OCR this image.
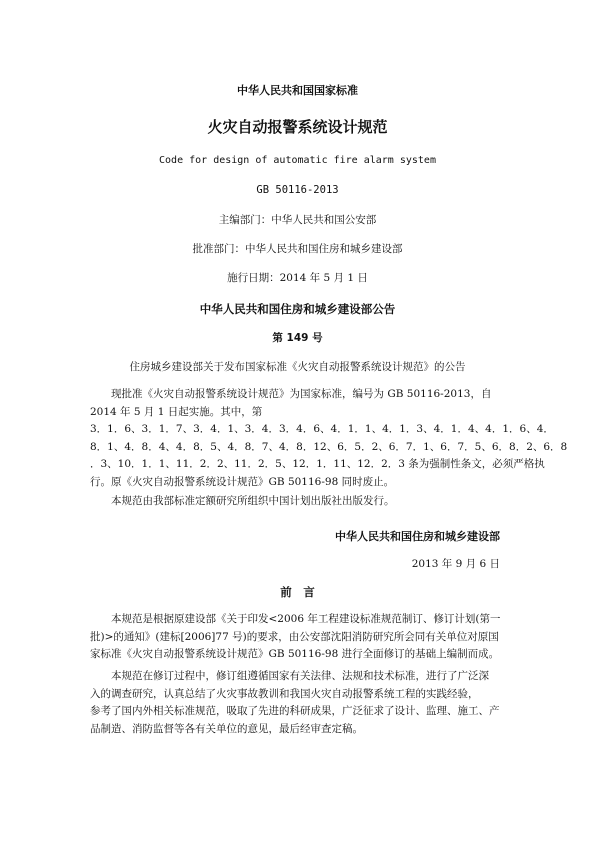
中华人民共和国国家标准
火灾自动报警系统设计规范
Code for design of automatic fire alarm system
GB 50116-2013
主编部门：中华人民共和国公安部
批准部门：中华人民共和国住房和城乡建设部
施行日期：2014 年 5 月 1 日
中华人民共和国住房和城乡建设部公告
第 149 号
住房城乡建设部关于发布国家标准《火灾自动报警系统设计规范》的公告
现批准《火灾自动报警系统设计规范》为国家标准，编号为 GB 50116-2013，自
2014 年 5 月 1 日起实施。其中，第
3．1．6、3．1．7、3．4．1、3．4．3．4．6、4．1．1、4．1．3、4．1．4、4．1．6、4．
8．1、4．8．4、4．8．5、4．8．7、4．8．12、6．5．2、6．7．1、6．7．5、6．8．2、6．8
．3、10．1．1、11．2．2、11．2．5、12．1．11、12．2．3 条为强制性条文，必须严格执
行。原《火灾自动报警系统设计规范》GB 50116-98 同时废止。
本规范由我部标准定额研究所组织中国计划出版社出版发行。
中华人民共和国住房和城乡建设部
2013 年 9 月 6 日
前　言
本规范是根据原建设部《关于印发<2006 年工程建设标准规范制订、修订计划(第一
批)>的通知》(建标[2006]77 号)的要求，由公安部沈阳消防研究所会同有关单位对原国
家标准《火灾自动报警系统设计规范》GB 50116-98 进行全面修订的基础上编制而成。
本规范在修订过程中，修订组遵循国家有关法律、法规和技术标准，进行了广泛深
入的调查研究，认真总结了火灾事故教训和我国火灾自动报警系统工程的实践经验，
参考了国内外相关标准规范，吸取了先进的科研成果，广泛征求了设计、监理、施工、产
品制造、消防监督等各有关单位的意见，最后经审查定稿。
